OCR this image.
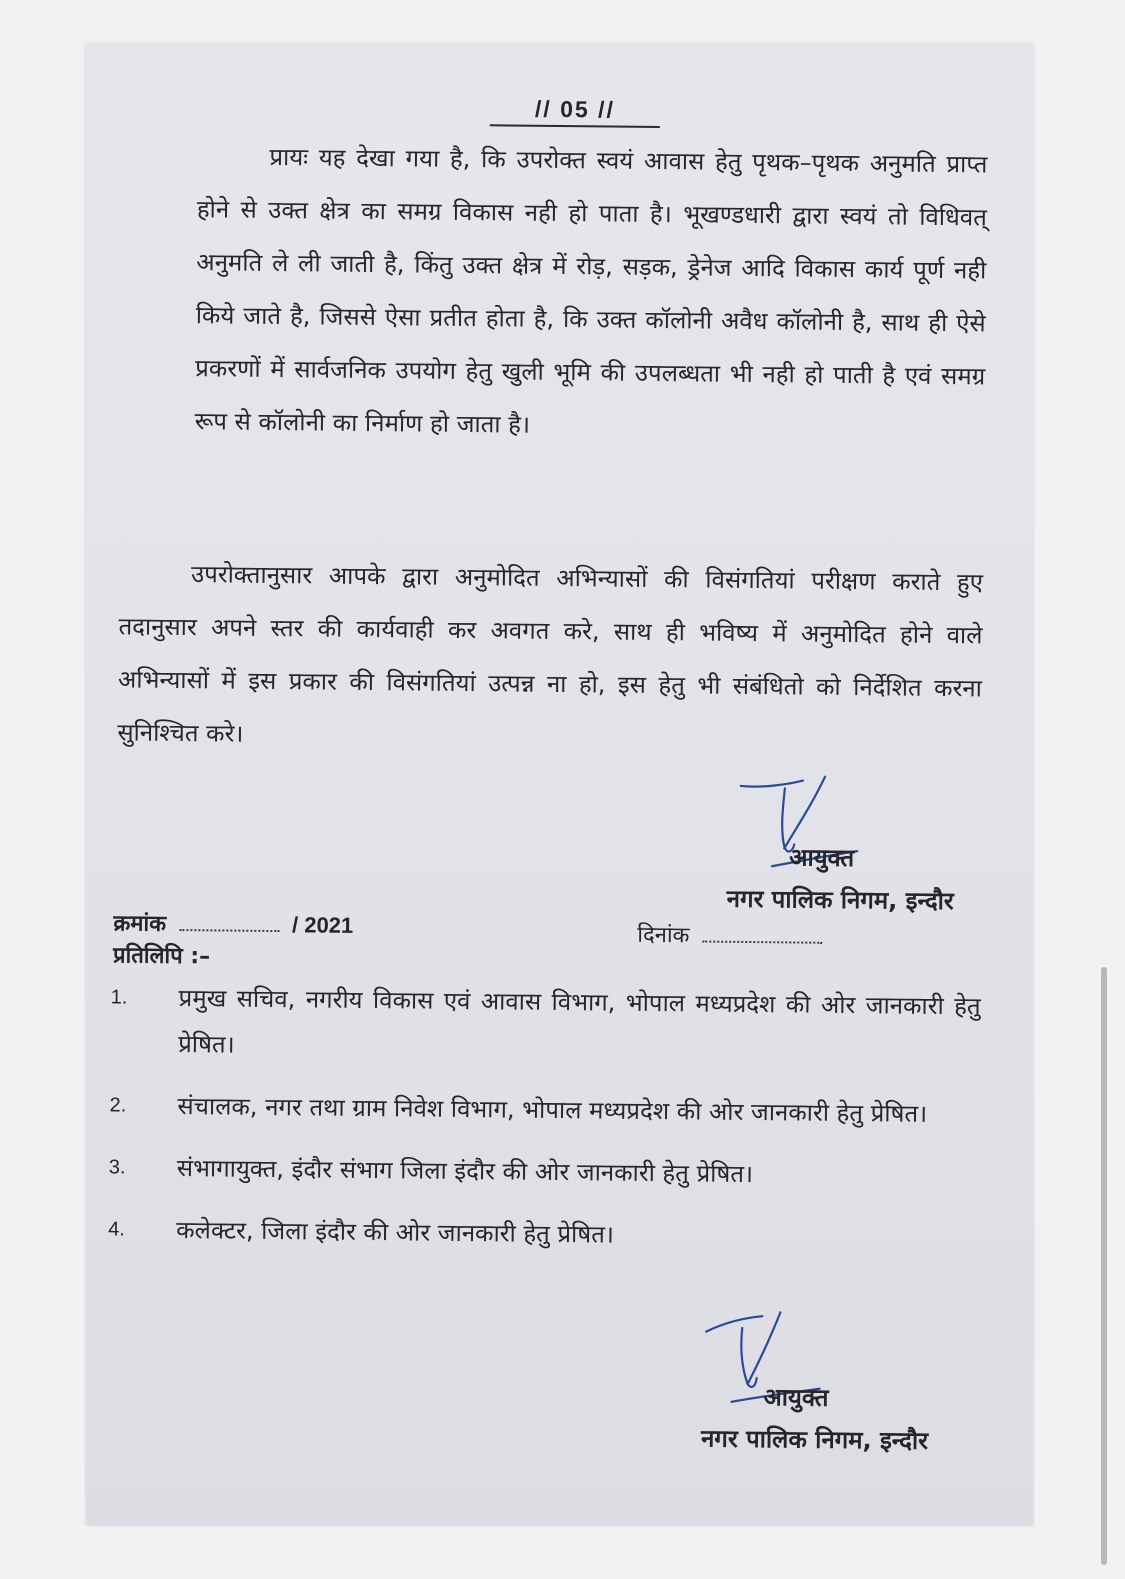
// 05 //

प्रायः यह देखा गया है, कि उपरोक्त स्वयं आवास हेतु पृथक–पृथक अनुमति प्राप्त होने से उक्त क्षेत्र का समग्र विकास नही हो पाता है। भूखण्डधारी द्वारा स्वयं तो विधिवत् अनुमति ले ली जाती है, किंतु उक्त क्षेत्र में रोड़, सड़क, ड्रेनेज आदि विकास कार्य पूर्ण नही किये जाते है, जिससे ऐसा प्रतीत होता है, कि उक्त कॉलोनी अवैध कॉलोनी है, साथ ही ऐसे प्रकरणों में सार्वजनिक उपयोग हेतु खुली भूमि की उपलब्धता भी नही हो पाती है एवं समग्र रूप से कॉलोनी का निर्माण हो जाता है।

उपरोक्तानुसार आपके द्वारा अनुमोदित अभिन्यासों की विसंगतियां परीक्षण कराते हुए तदानुसार अपने स्तर की कार्यवाही कर अवगत करे, साथ ही भविष्य में अनुमोदित होने वाले अभिन्यासों में इस प्रकार की विसंगतियां उत्पन्न ना हो, इस हेतु भी संबंधितो को निर्देशित करना सुनिश्चित करे।

आयुक्त
नगर पालिक निगम, इन्दौर
क्रमांक	/ 2021	दिनांक
प्रतिलिपि :–
1.	प्रमुख सचिव, नगरीय विकास एवं आवास विभाग, भोपाल मध्यप्रदेश की ओर जानकारी हेतु प्रेषित।
2.	संचालक, नगर तथा ग्राम निवेश विभाग, भोपाल मध्यप्रदेश की ओर जानकारी हेतु प्रेषित।
3.	संभागायुक्त, इंदौर संभाग जिला इंदौर की ओर जानकारी हेतु प्रेषित।
4.	कलेक्टर, जिला इंदौर की ओर जानकारी हेतु प्रेषित।
आयुक्त
नगर पालिक निगम, इन्दौर
